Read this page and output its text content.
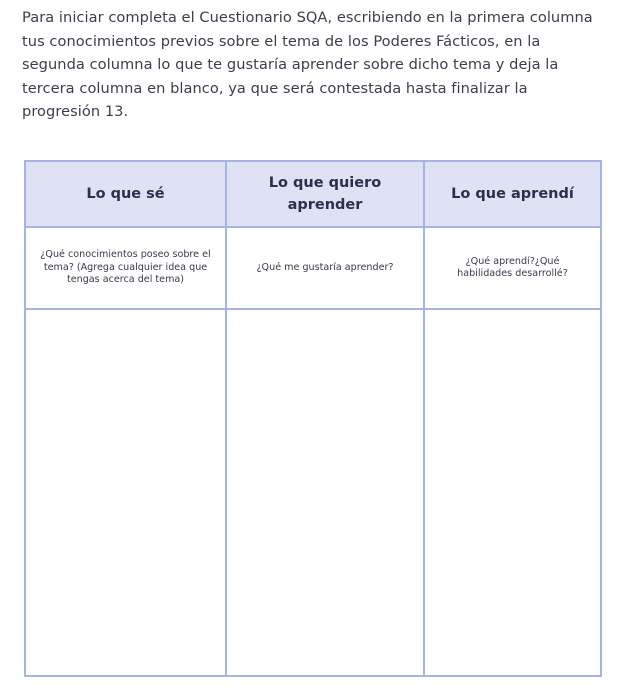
Para iniciar completa el Cuestionario SQA, escribiendo en la primera columna tus conocimientos previos sobre el tema de los Poderes Fácticos, en la segunda columna lo que te gustaría aprender sobre dicho tema y deja la tercera columna en blanco, ya que será contestada hasta finalizar la progresión 13.

Lo que sé	Lo que quiero aprender	Lo que aprendí
¿Qué conocimientos poseo sobre el tema? (Agrega cualquier idea que tengas acerca del tema)	¿Qué me gustaría aprender?	¿Qué aprendí?¿Qué habilidades desarrollé?
